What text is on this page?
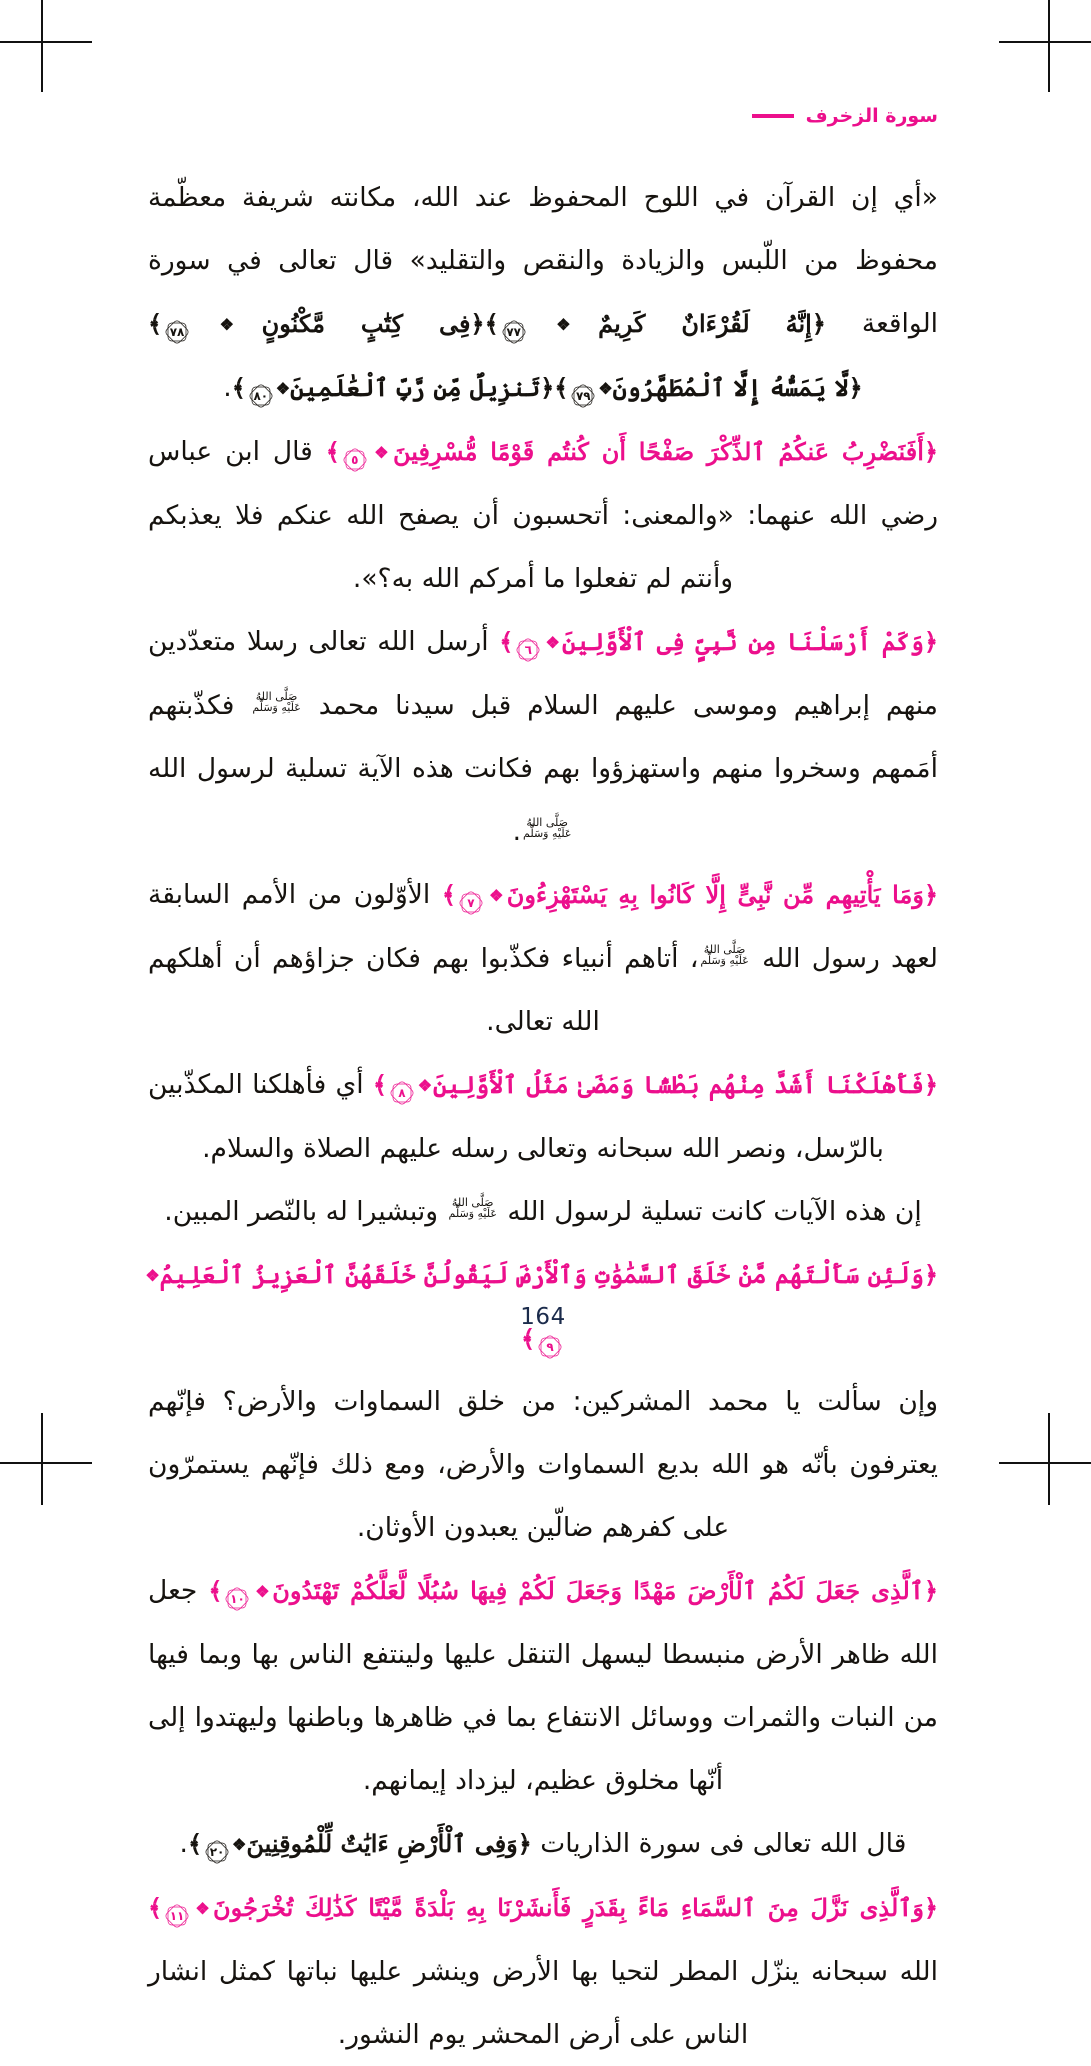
سورة الزخرف

«أي إن القرآن في اللوح المحفوظ عند الله، مكانته شريفة معظّمة محفوظ من اللّبس والزيادة والنقص والتقليد» قال تعالى في سورة الواقعة ﴿إِنَّهُ لَقُرْءَانٌ كَرِيمٌ❖
٧٧﴾﴿فِى كِتَٰبٍ مَّكْنُونٍ❖
٧٨﴾﴿لَّا يَمَسُّهُ إِلَّا ٱلْمُطَهَّرُونَ❖
٧٩﴾﴿تَنزِيلٌ مِّن رَّبِّ ٱلْعَٰلَمِينَ❖
٨٠﴾.

﴿أَفَنَضْرِبُ عَنكُمُ ٱلذِّكْرَ صَفْحًا أَن كُنتُم قَوْمًا مُّسْرِفِينَ❖
٥﴾ قال ابن عباس رضي الله عنهما: «والمعنى: أتحسبون أن يصفح الله عنكم فلا يعذبكم وأنتم لم تفعلوا ما أمركم الله به؟».

﴿وَكَمْ أَرْسَلْنَا مِن نَّبِىٍّ فِى ٱلْأَوَّلِينَ❖
٦﴾ أرسل الله تعالى رسلا متعدّدين منهم إبراهيم وموسى عليهم السلام قبل سيدنا محمد
صَلَّى اللهُ
عَلَيْهِ وَسَلَّم
فكذّبتهم أمَمهم وسخروا منهم واستهزؤوا بهم فكانت هذه الآية تسلية لرسول الله
صَلَّى اللهُ
عَلَيْهِ وَسَلَّم
.

﴿وَمَا يَأْتِيهِم مِّن نَّبِىٍّ إِلَّا كَانُوا بِهِ يَسْتَهْزِءُونَ❖
٧﴾ الأوّلون من الأمم السابقة لعهد رسول الله
صَلَّى اللهُ
عَلَيْهِ وَسَلَّم
، أتاهم أنبياء فكذّبوا بهم فكان جزاؤهم أن أهلكهم الله تعالى.

﴿فَأَهْلَكْنَا أَشَدَّ مِنْهُم بَطْشًا وَمَضَىٰ مَثَلُ ٱلْأَوَّلِينَ❖
٨﴾ أي فأهلكنا المكذّبين بالرّسل، ونصر الله سبحانه وتعالى رسله عليهم الصلاة والسلام.

إن هذه الآيات كانت تسلية لرسول الله
صَلَّى اللهُ
عَلَيْهِ وَسَلَّم
وتبشيرا له بالنّصر المبين.

﴿وَلَئِن سَأَلْتَهُم مَّنْ خَلَقَ ٱلسَّمَٰوَٰتِ وَٱلْأَرْضَ لَيَقُولُنَّ خَلَقَهُنَّ ٱلْعَزِيزُ ٱلْعَلِيمُ❖
٩﴾

وإن سألت يا محمد المشركين: من خلق السماوات والأرض؟ فإنّهم يعترفون بأنّه هو الله بديع السماوات والأرض، ومع ذلك فإنّهم يستمرّون على كفرهم ضالّين يعبدون الأوثان.

﴿ٱلَّذِى جَعَلَ لَكُمُ ٱلْأَرْضَ مَهْدًا وَجَعَلَ لَكُمْ فِيهَا سُبُلًا لَّعَلَّكُمْ تَهْتَدُونَ❖
١٠﴾ جعل الله ظاهر الأرض منبسطا ليسهل التنقل عليها ولينتفع الناس بها وبما فيها من النبات والثمرات ووسائل الانتفاع بما في ظاهرها وباطنها وليهتدوا إلى أنّها مخلوق عظيم، ليزداد إيمانهم.

قال الله تعالى فى سورة الذاريات ﴿وَفِى ٱلْأَرْضِ ءَايَٰتٌ لِّلْمُوقِنِينَ❖
٢٠﴾.

﴿وَٱلَّذِى نَزَّلَ مِنَ ٱلسَّمَاءِ مَاءً بِقَدَرٍ فَأَنشَرْنَا بِهِ بَلْدَةً مَّيْتًا كَذَٰلِكَ تُخْرَجُونَ❖
١١﴾ الله سبحانه ينزّل المطر لتحيا بها الأرض وينشر عليها نباتها كمثل انشار الناس على أرض المحشر يوم النشور.

164
